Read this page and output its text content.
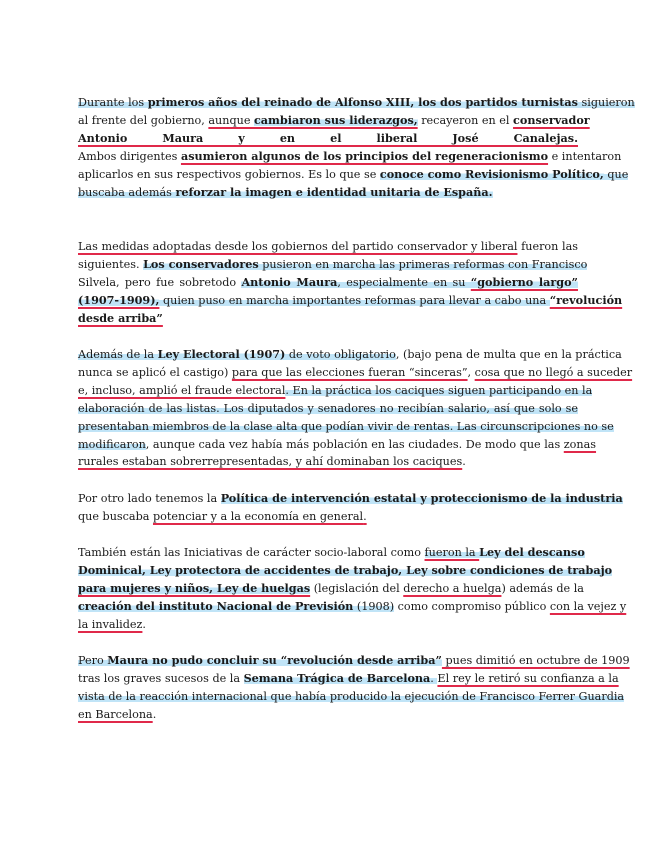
Durante los primeros años del reinado de Alfonso XIII, los dos partidos turnistas siguieron
al frente del gobierno, aunque cambiaron sus liderazgos, recayeron en el conservador
Antonio Maura y en el liberal José Canalejas.
Ambos dirigentes asumieron algunos de los principios del regeneracionismo e intentaron
aplicarlos en sus respectivos gobiernos. Es lo que se conoce como Revisionismo Político, que
buscaba además reforzar la imagen e identidad unitaria de España.
Las medidas adoptadas desde los gobiernos del partido conservador y liberal fueron las
siguientes. Los conservadores pusieron en marcha las primeras reformas con Francisco
Silvela, pero fue sobretodo Antonio Maura, especialmente en su “gobierno largo”
(1907-1909), quien puso en marcha importantes reformas para llevar a cabo una “revolución
desde arriba”
Además de la Ley Electoral (1907) de voto obligatorio, (bajo pena de multa que en la práctica
nunca se aplicó el castigo) para que las elecciones fueran “sinceras”, cosa que no llegó a suceder
e, incluso, amplió el fraude electoral. En la práctica los caciques siguen participando en la
elaboración de las listas. Los diputados y senadores no recibían salario, así que solo se
presentaban miembros de la clase alta que podían vivir de rentas. Las circunscripciones no se
modificaron, aunque cada vez había más población en las ciudades. De modo que las zonas
rurales estaban sobrerrepresentadas, y ahí dominaban los caciques.
Por otro lado tenemos la Política de intervención estatal y proteccionismo de la industria
que buscaba potenciar y a la economía en general.
También están las Iniciativas de carácter socio-laboral como fueron la Ley del descanso
Dominical, Ley protectora de accidentes de trabajo, Ley sobre condiciones de trabajo
para mujeres y niños, Ley de huelgas (legislación del derecho a huelga) además de la
creación del instituto Nacional de Previsión (1908) como compromiso público con la vejez y
la invalidez.
Pero Maura no pudo concluir su “revolución desde arriba” pues dimitió en octubre de 1909
tras los graves sucesos de la Semana Trágica de Barcelona. El rey le retiró su confianza a la
vista de la reacción internacional que había producido la ejecución de Francisco Ferrer Guardia
en Barcelona.
